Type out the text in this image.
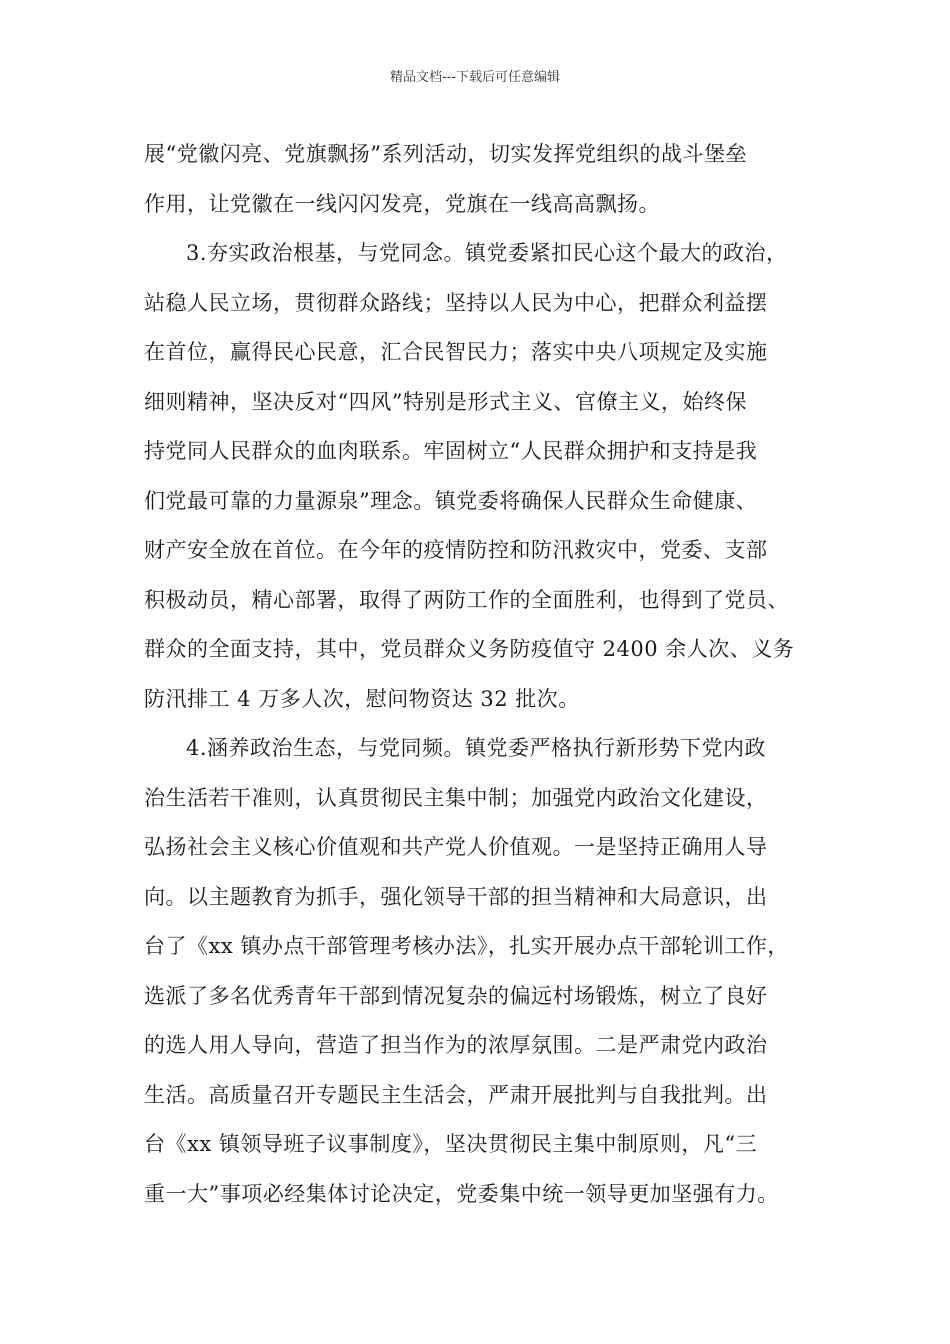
精品文档---下载后可任意编辑
展“党徽闪亮、党旗飘扬”系列活动，切实发挥党组织的战斗堡垒
作用，让党徽在一线闪闪发亮，党旗在一线高高飘扬。
3.夯实政治根基，与党同念。镇党委紧扣民心这个最大的政治，
站稳人民立场，贯彻群众路线；坚持以人民为中心，把群众利益摆
在首位，赢得民心民意，汇合民智民力；落实中央八项规定及实施
细则精神，坚决反对“四风”特别是形式主义、官僚主义，始终保
持党同人民群众的血肉联系。牢固树立“人民群众拥护和支持是我
们党最可靠的力量源泉”理念。镇党委将确保人民群众生命健康、
财产安全放在首位。在今年的疫情防控和防汛救灾中，党委、支部
积极动员，精心部署，取得了两防工作的全面胜利，也得到了党员、
群众的全面支持，其中，党员群众义务防疫值守 2400 余人次、义务
防汛排工 4 万多人次，慰问物资达 32 批次。
4.涵养政治生态，与党同频。镇党委严格执行新形势下党内政
治生活若干准则，认真贯彻民主集中制；加强党内政治文化建设，
弘扬社会主义核心价值观和共产党人价值观。一是坚持正确用人导
向。以主题教育为抓手，强化领导干部的担当精神和大局意识，出
台了《xx 镇办点干部管理考核办法》，扎实开展办点干部轮训工作，
选派了多名优秀青年干部到情况复杂的偏远村场锻炼，树立了良好
的选人用人导向，营造了担当作为的浓厚氛围。二是严肃党内政治
生活。高质量召开专题民主生活会，严肃开展批判与自我批判。出
台《xx 镇领导班子议事制度》，坚决贯彻民主集中制原则，凡“三
重一大”事项必经集体讨论决定，党委集中统一领导更加坚强有力。
